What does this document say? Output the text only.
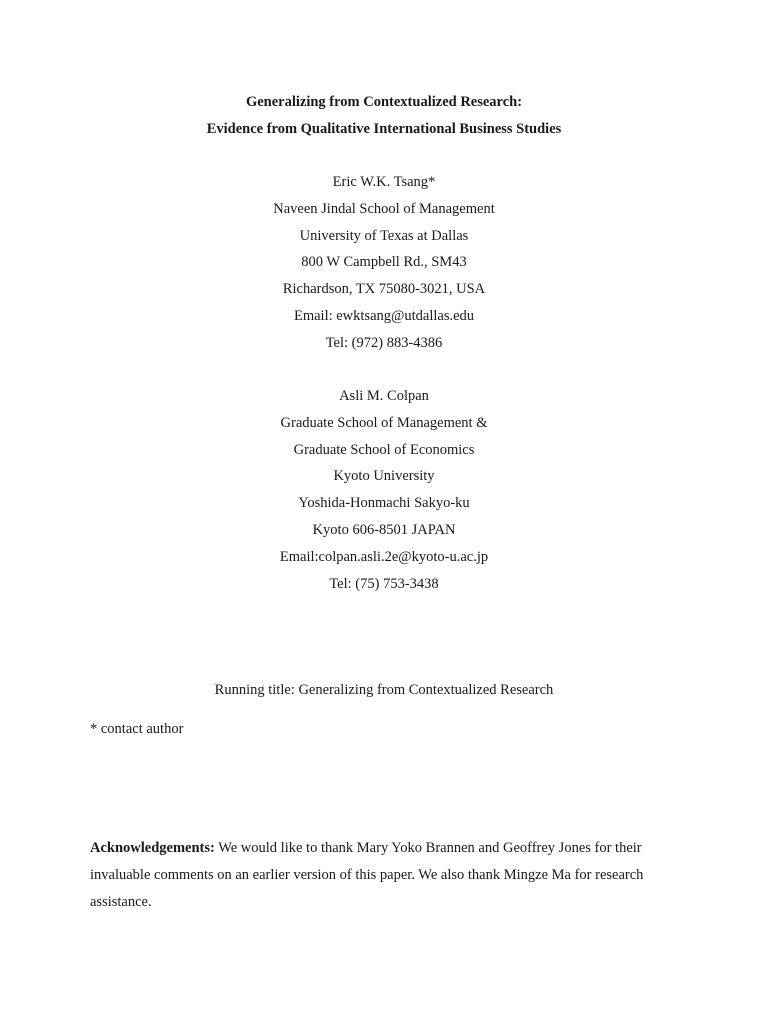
Generalizing from Contextualized Research:
Evidence from Qualitative International Business Studies
Eric W.K. Tsang*
Naveen Jindal School of Management
University of Texas at Dallas
800 W Campbell Rd., SM43
Richardson, TX 75080-3021, USA
Email: ewktsang@utdallas.edu
Tel: (972) 883-4386
Asli M. Colpan
Graduate School of Management &
Graduate School of Economics
Kyoto University
Yoshida-Honmachi Sakyo-ku
Kyoto 606-8501 JAPAN
Email:colpan.asli.2e@kyoto-u.ac.jp
Tel: (75) 753-3438
Running title: Generalizing from Contextualized Research
* contact author
Acknowledgements: We would like to thank Mary Yoko Brannen and Geoffrey Jones for their
invaluable comments on an earlier version of this paper. We also thank Mingze Ma for research
assistance.
